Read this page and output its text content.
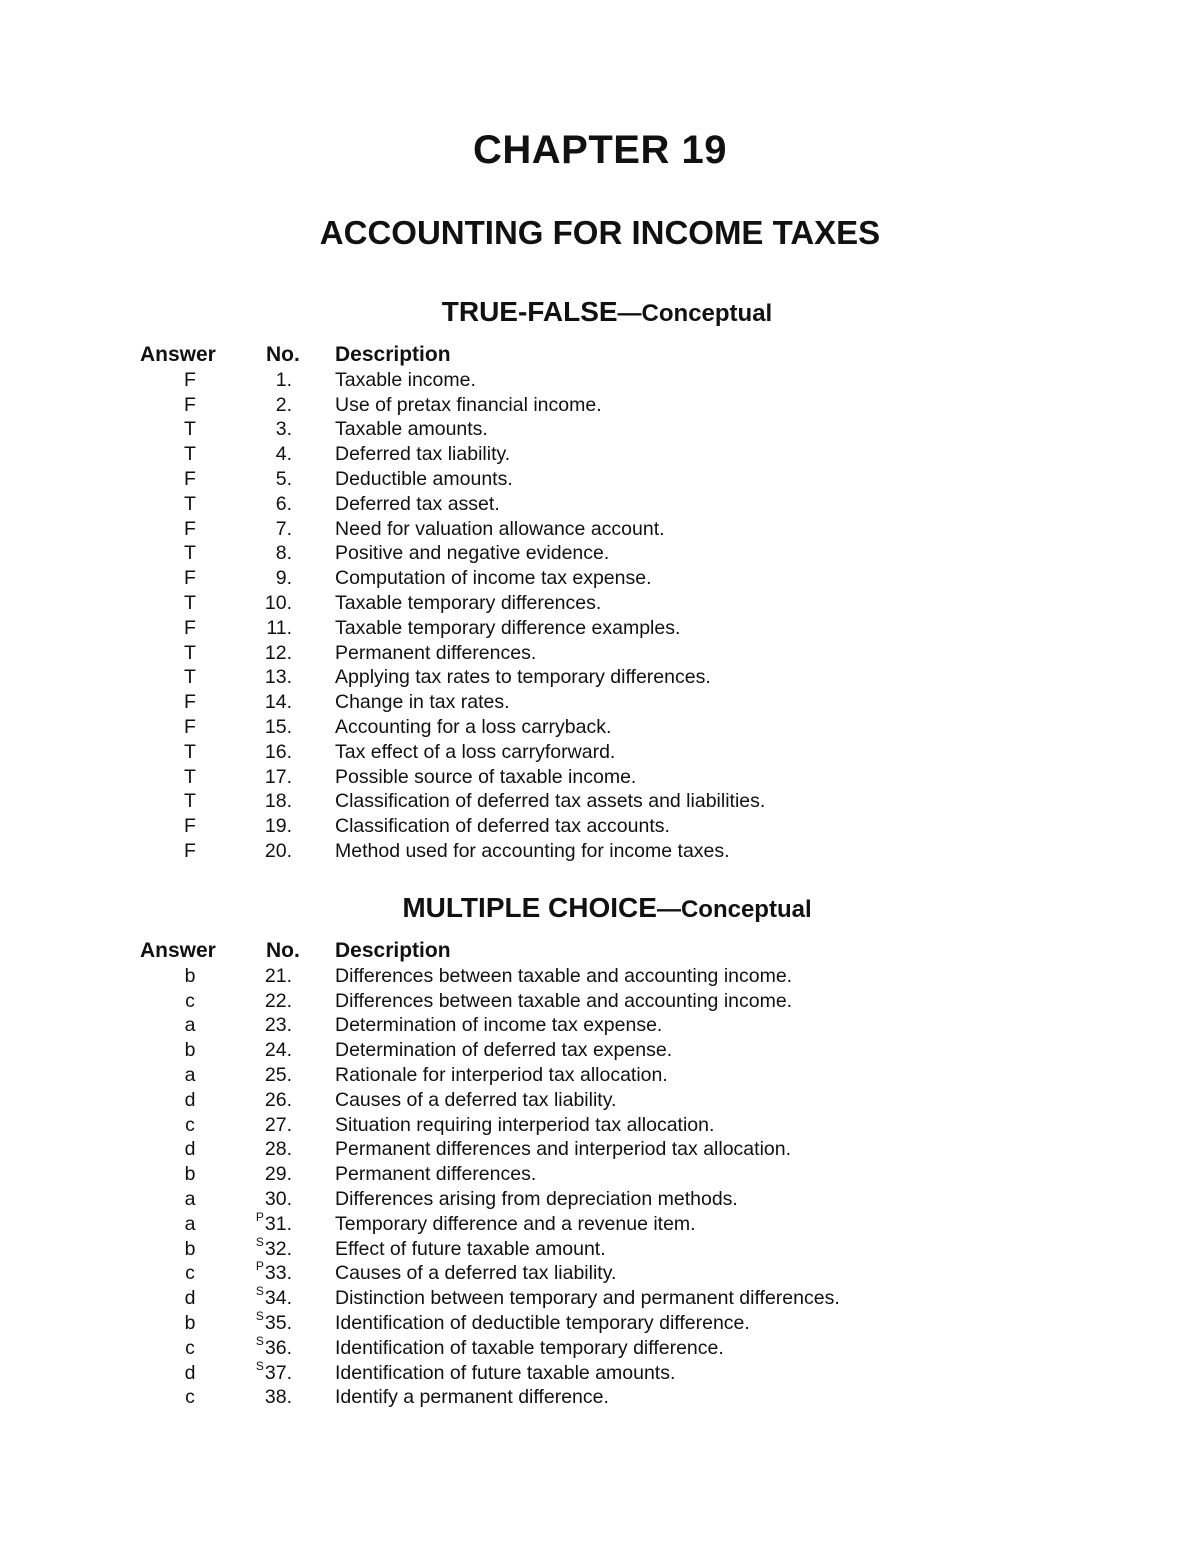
CHAPTER 19
ACCOUNTING FOR INCOME TAXES
TRUE-FALSE—Conceptual
Answer No. Description
F	1. Taxable income.
F	2. Use of pretax financial income.
T	3. Taxable amounts.
T	4. Deferred tax liability.
F	5. Deductible amounts.
T	6. Deferred tax asset.
F	7. Need for valuation allowance account.
T	8. Positive and negative evidence.
F	9. Computation of income tax expense.
T	10. Taxable temporary differences.
F	11. Taxable temporary difference examples.
T	12. Permanent differences.
T	13. Applying tax rates to temporary differences.
F	14. Change in tax rates.
F	15. Accounting for a loss carryback.
T	16. Tax effect of a loss carryforward.
T	17. Possible source of taxable income.
T	18. Classification of deferred tax assets and liabilities.
F	19. Classification of deferred tax accounts.
F	20. Method used for accounting for income taxes.
MULTIPLE CHOICE—Conceptual
Answer No. Description
b	21. Differences between taxable and accounting income.
c	22. Differences between taxable and accounting income.
a	23. Determination of income tax expense.
b	24. Determination of deferred tax expense.
a	25. Rationale for interperiod tax allocation.
d	26. Causes of a deferred tax liability.
c	27. Situation requiring interperiod tax allocation.
d	28. Permanent differences and interperiod tax allocation.
b	29. Permanent differences.
a	30. Differences arising from depreciation methods.
a	$^P$31. Temporary difference and a revenue item.
b	$^S$32. Effect of future taxable amount.
c	$^P$33. Causes of a deferred tax liability.
d	$^S$34. Distinction between temporary and permanent differences.
b	$^S$35. Identification of deductible temporary difference.
c	$^S$36. Identification of taxable temporary difference.
d	$^S$37. Identification of future taxable amounts.
c	38. Identify a permanent difference.
